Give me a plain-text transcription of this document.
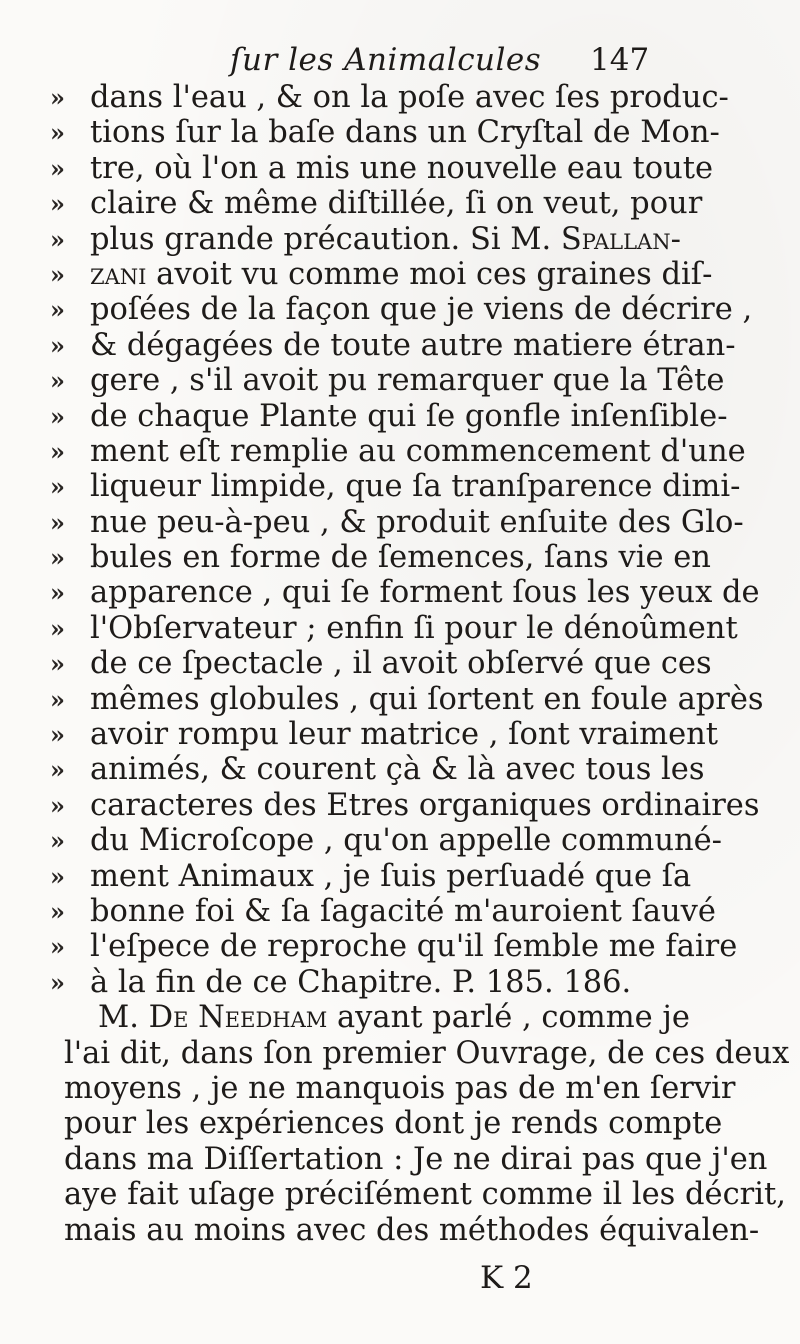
ſur les Animalcules 147
» dans l'eau , & on la poſe avec ſes produc-
» tions ſur la baſe dans un Cryſtal de Mon-
» tre, où l'on a mis une nouvelle eau toute
» claire & même diſtillée, ſi on veut, pour
» plus grande précaution. Si M. Spallan-
» zani avoit vu comme moi ces graines diſ-
» poſées de la façon que je viens de décrire ,
» & dégagées de toute autre matiere étran-
» gere , s'il avoit pu remarquer que la Tête
» de chaque Plante qui ſe gonfle inſenſible-
» ment eſt remplie au commencement d'une
» liqueur limpide, que ſa tranſparence dimi-
» nue peu-à-peu , & produit enſuite des Glo-
» bules en forme de ſemences, ſans vie en
» apparence , qui ſe forment ſous les yeux de
» l'Obſervateur ; enfin ſi pour le dénoûment
» de ce ſpectacle , il avoit obſervé que ces
» mêmes globules , qui ſortent en foule après
» avoir rompu leur matrice , ſont vraiment
» animés, & courent çà & là avec tous les
» caracteres des Etres organiques ordinaires
» du Microſcope , qu'on appelle communé-
» ment Animaux , je ſuis perſuadé que ſa
» bonne foi & ſa ſagacité m'auroient ſauvé
» l'eſpece de reproche qu'il ſemble me faire
» à la fin de ce Chapitre. P. 185. 186.
M. De Needham ayant parlé , comme je
l'ai dit, dans ſon premier Ouvrage, de ces deux
moyens , je ne manquois pas de m'en ſervir
pour les expériences dont je rends compte
dans ma Diſſertation : Je ne dirai pas que j'en
aye fait uſage préciſément comme il les décrit,
mais au moins avec des méthodes équivalen-
K 2
